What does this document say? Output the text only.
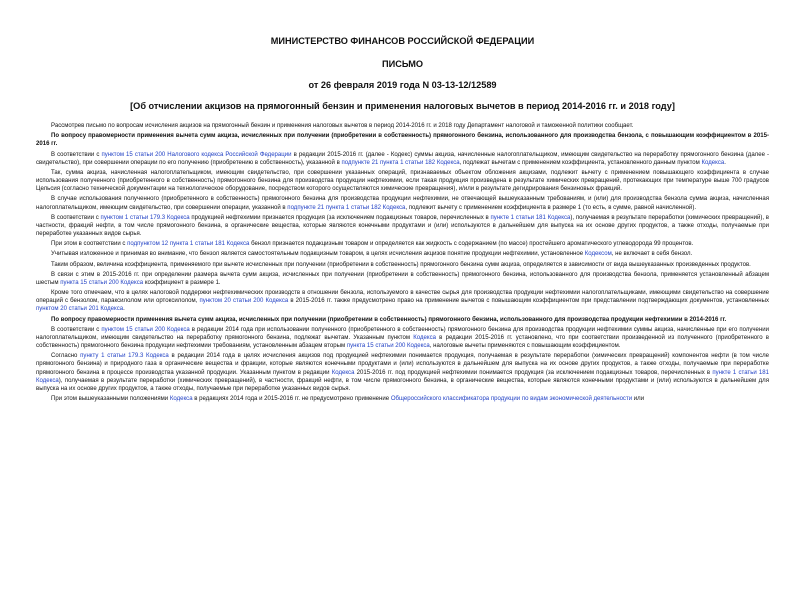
МИНИСТЕРСТВО ФИНАНСОВ РОССИЙСКОЙ ФЕДЕРАЦИИ
ПИСЬМО
от 26 февраля 2019 года N 03-13-12/12589
[Об отчислении акцизов на прямогонный бензин и применения налоговых вычетов в период 2014-2016 гг. и 2018 году]

Рассмотрев письмо по вопросам исчисления акцизов на прямогонный бензин и применения налоговых вычетов в период 2014-2016 гг. и 2018 году Департамент налоговой и таможенной политики сообщает.

По вопросу правомерности применения вычета сумм акциза, исчисленных при получении (приобретении в собственность) прямогонного бензина, использованного для производства бензола, с повышающим коэффициентом в 2015-2016 гг.

В соответствии с пунктом 15 статьи 200 Налогового кодекса Российской Федерации в редакции 2015-2016 гг. (далее - Кодекс) суммы акциза, начисленные налогоплательщиком, имеющим свидетельство на переработку прямогонного бензина (далее - свидетельство), при совершении операции по его получению (приобретению в собственность), указанной в подпункте 21 пункта 1 статьи 182 Кодекса, подлежат вычетам с применением коэффициента, установленного данным пунктом Кодекса.

Так, сумма акциза, начисленная налогоплательщиком, имеющим свидетельство, при совершении указанных операций, признаваемых объектом обложения акцизами, подлежит вычету с применением повышающего коэффициента в случае использования полученного (приобретенного в собственность) прямогонного бензина для производства продукции нефтехимии, если такая продукция произведена в результате химических превращений, протекающих при температуре выше 700 градусов Цельсия (согласно технической документации на технологическое оборудование, посредством которого осуществляются химические превращения), и/или в результате дегидрирования бензиновых фракций.

В случае использования полученного (приобретенного в собственность) прямогонного бензина для производства продукции нефтехимии, не отвечающей вышеуказанным требованиям, и (или) для производства бензола сумма акциза, начисленная налогоплательщиком, имеющим свидетельство, при совершении операции, указанной в подпункте 21 пункта 1 статьи 182 Кодекса, подлежит вычету с применением коэффициента в размере 1 (то есть, в сумме, равной начисленной).

В соответствии с пунктом 1 статьи 179.3 Кодекса продукцией нефтехимии признается продукция (за исключением подакцизных товаров, перечисленных в пункте 1 статьи 181 Кодекса), получаемая в результате переработки (химических превращений), в частности, фракций нефти, в том числе прямогонного бензина, в органические вещества, которые являются конечными продуктами и (или) используются в дальнейшем для выпуска на их основе других продуктов, а также отходы, получаемые при переработке указанных видов сырья.

При этом в соответствии с подпунктом 12 пункта 1 статьи 181 Кодекса бензол признается подакцизным товаром и определяется как жидкость с содержанием (по массе) простейшего ароматического углеводорода 99 процентов.

Учитывая изложенное и принимая во внимание, что бензол является самостоятельным подакцизным товаром, в целях исчисления акцизов понятие продукции нефтехимии, установленное Кодексом, не включает в себя бензол.

Таким образом, величина коэффициента, применяемого при вычете исчисленных при получении (приобретении в собственность) прямогонного бензина сумм акциза, определяется в зависимости от вида вышеуказанных произведенных продуктов.

В связи с этим в 2015-2016 гг. при определении размера вычета сумм акциза, исчисленных при получении (приобретении в собственность) прямогонного бензина, использованного для производства бензола, применяется установленный абзацем шестым пункта 15 статьи 200 Кодекса коэффициент в размере 1.

Кроме того отмечаем, что в целях налоговой поддержки нефтехимических производств в отношении бензола, используемого в качестве сырья для производства продукции нефтехимии налогоплательщиками, имеющими свидетельство на совершение операций с бензолом, параксилолом или ортоксилолом, пунктом 20 статьи 200 Кодекса в 2015-2016 гг. также предусмотрено право на применение вычетов с повышающим коэффициентом при представлении подтверждающих документов, установленных пунктом 20 статьи 201 Кодекса.

По вопросу правомерности применения вычета сумм акциза, исчисленных при получении (приобретении в собственность) прямогонного бензина, использованного для производства продукции нефтехимии в 2014-2016 гг.

В соответствии с пунктом 15 статьи 200 Кодекса в редакции 2014 года при использовании полученного (приобретенного в собственность) прямогонного бензина для производства продукции нефтехимии суммы акциза, начисленные при его получении налогоплательщиком, имеющим свидетельство на переработку прямогонного бензина, подлежат вычетам. Указанным пунктом Кодекса в редакции 2015-2016 гг. установлено, что при соответствии произведенной из полученного (приобретенного в собственность) прямогонного бензина продукции нефтехимии требованиям, установленным абзацем вторым пункта 15 статьи 200 Кодекса, налоговые вычеты применяются с повышающим коэффициентом.

Согласно пункту 1 статьи 179.3 Кодекса в редакции 2014 года в целях исчисления акцизов под продукцией нефтехимии понимается продукция, получаемая в результате переработки (химических превращений) компонентов нефти (в том числе прямогонного бензина) и природного газа в органические вещества и фракции, которые являются конечными продуктами и (или) используются в дальнейшем для выпуска на их основе других продуктов, а также отходы, получаемые при переработке прямогонного бензина в процессе производства указанной продукции. Указанным пунктом в редакции Кодекса 2015-2016 гг. под продукцией нефтехимии понимается продукция (за исключением подакцизных товаров, перечисленных в пункте 1 статьи 181 Кодекса), получаемая в результате переработки (химических превращений), в частности, фракций нефти, в том числе прямогонного бензина, в органические вещества, которые являются конечными продуктами и (или) используются в дальнейшем для выпуска на их основе других продуктов, а также отходы, получаемые при переработке указанных видов сырья.

При этом вышеуказанными положениями Кодекса в редакциях 2014 года и 2015-2016 гг. не предусмотрено применение Общероссийского классификатора продукции по видам экономической деятельности или
